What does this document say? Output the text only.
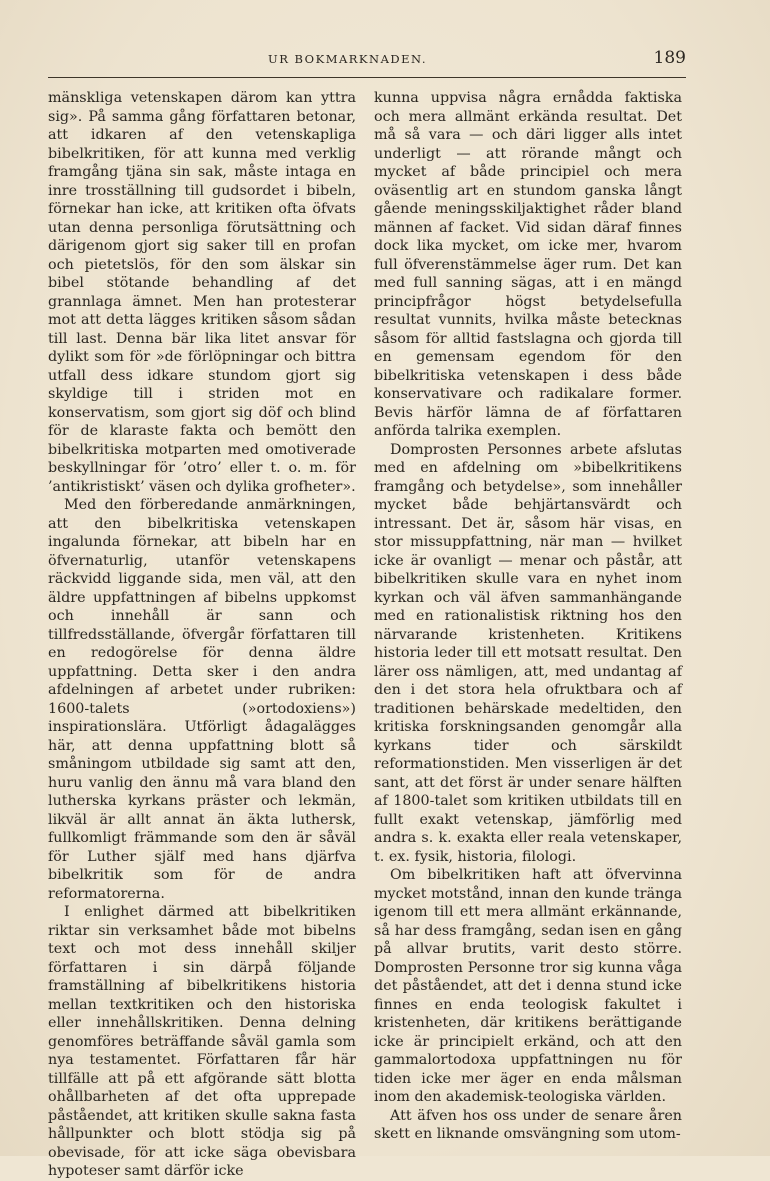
UR BOKMARKNADEN.	189

mänskliga vetenskapen därom kan yttra sig». På samma gång författaren betonar, att idkaren af den vetenskapliga bibelkritiken, för att kunna med verklig framgång tjäna sin sak, måste intaga en inre trosställning till gudsordet i bibeln, förnekar han icke, att kritiken ofta öfvats utan denna personliga förutsättning och därigenom gjort sig saker till en profan och pietetslös, för den som älskar sin bibel stötande behandling af det grannlaga ämnet. Men han protesterar mot att detta lägges kritiken såsom sådan till last. Denna bär lika litet ansvar för dylikt som för »de förlöpningar och bittra utfall dess idkare stundom gjort sig skyldige till i striden mot en konservatism, som gjort sig döf och blind för de klaraste fakta och bemött den bibelkritiska motparten med omotiverade beskyllningar för ’otro’ eller t. o. m. för ’antikristiskt’ väsen och dylika grofheter».

Med den förberedande anmärkningen, att den bibelkritiska vetenskapen ingalunda förnekar, att bibeln har en öfvernaturlig, utanför vetenskapens räckvidd liggande sida, men väl, att den äldre uppfattningen af bibelns uppkomst och innehåll är sann och tillfredsställande, öfvergår författaren till en redogörelse för denna äldre uppfattning. Detta sker i den andra afdelningen af arbetet under rubriken: 1600-talets (»ortodoxiens») inspirationslära. Utförligt ådagalägges här, att denna uppfattning blott så småningom utbildade sig samt att den, huru vanlig den ännu må vara bland den lutherska kyrkans präster och lekmän, likväl är allt annat än äkta luthersk, fullkomligt främmande som den är såväl för Luther själf med hans djärfva bibelkritik som för de andra reformatorerna.

I enlighet därmed att bibelkritiken riktar sin verksamhet både mot bibelns text och mot dess innehåll skiljer författaren i sin därpå följande framställning af bibelkritikens historia mellan textkritiken och den historiska eller innehållskritiken. Denna delning genomföres beträffande såväl gamla som nya testamentet. Författaren får här tillfälle att på ett afgörande sätt blotta ohållbarheten af det ofta upprepade påståendet, att kritiken skulle sakna fasta hållpunkter och blott stödja sig på obevisade, för att icke säga obevisbara hypoteser samt därför icke

kunna uppvisa några ernådda faktiska och mera allmänt erkända resultat. Det må så vara — och däri ligger alls intet underligt — att rörande mångt och mycket af både principiel och mera oväsentlig art en stundom ganska långt gående meningsskiljaktighet råder bland männen af facket. Vid sidan däraf finnes dock lika mycket, om icke mer, hvarom full öfverenstämmelse äger rum. Det kan med full sanning sägas, att i en mängd principfrågor högst betydelsefulla resultat vunnits, hvilka måste betecknas såsom för alltid fastslagna och gjorda till en gemensam egendom för den bibelkritiska vetenskapen i dess både konservativare och radikalare former. Bevis härför lämna de af författaren anförda talrika exemplen.

Domprosten Personnes arbete afslutas med en afdelning om »bibelkritikens framgång och betydelse», som innehåller mycket både behjärtansvärdt och intressant. Det är, såsom här visas, en stor missuppfattning, när man — hvilket icke är ovanligt — menar och påstår, att bibelkritiken skulle vara en nyhet inom kyrkan och väl äfven sammanhängande med en rationalistisk riktning hos den närvarande kristenheten. Kritikens historia leder till ett motsatt resultat. Den lärer oss nämligen, att, med undantag af den i det stora hela ofruktbara och af traditionen behärskade medeltiden, den kritiska forskningsanden genomgår alla kyrkans tider och särskildt reformationstiden. Men visserligen är det sant, att det först är under senare hälften af 1800-talet som kritiken utbildats till en fullt exakt vetenskap, jämförlig med andra s. k. exakta eller reala vetenskaper, t. ex. fysik, historia, filologi.

Om bibelkritiken haft att öfvervinna mycket motstånd, innan den kunde tränga igenom till ett mera allmänt erkännande, så har dess framgång, sedan isen en gång på allvar brutits, varit desto större. Domprosten Personne tror sig kunna våga det påståendet, att det i denna stund icke finnes en enda teologisk fakultet i kristenheten, där kritikens berättigande icke är principielt erkänd, och att den gammalortodoxa uppfattningen nu för tiden icke mer äger en enda målsman inom den akademisk-teologiska världen.

Att äfven hos oss under de senare åren skett en liknande omsvängning som utom-
